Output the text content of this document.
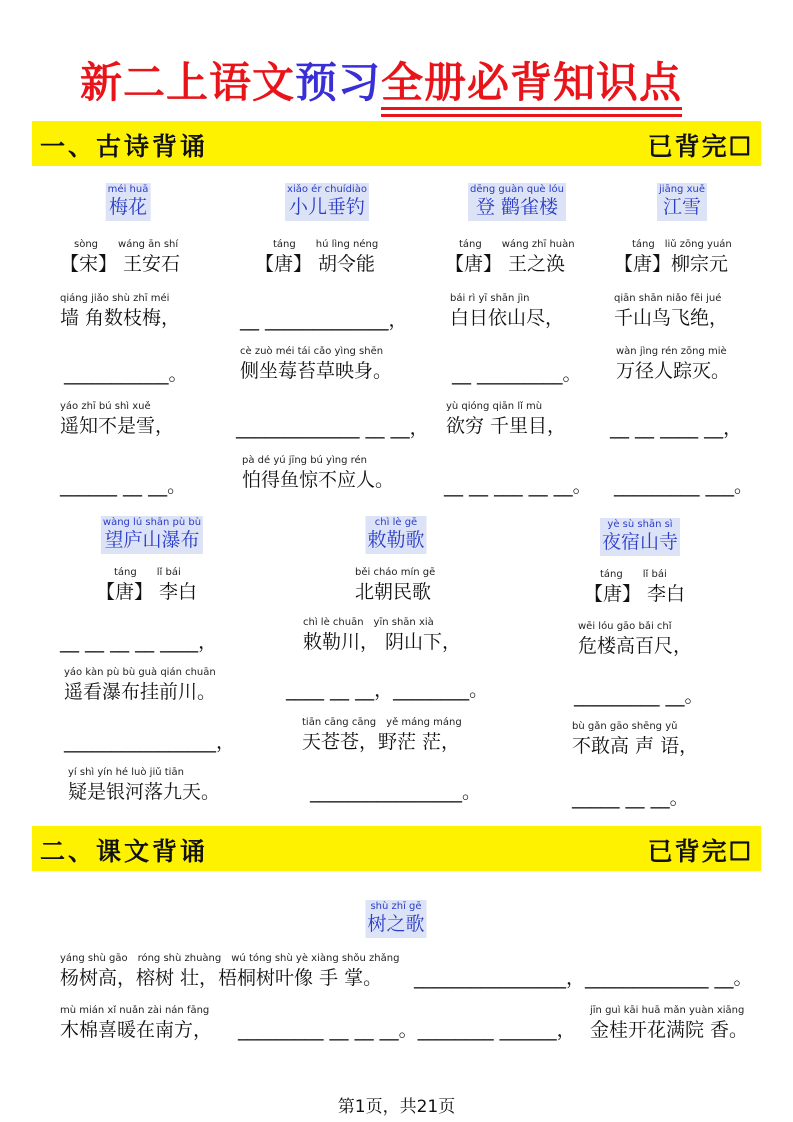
新二上语文预习全册必背知识点
一、古诗背诵	已背完☐
méi huā
梅花
sòng　　wáng ān shí
【宋】 王安石
qiáng jiǎo shù zhī méi
墙 角数枝梅，
___________。
yáo zhī bú shì xuě
遥知不是雪，
______ __ __。
xiǎo ér chuídiào
小儿垂钓
táng　　hú lìng néng
【唐】 胡令能
__ _____________，
cè zuò méi tái cǎo yìng shēn
侧坐莓苔草映身。
_____________ __ __，
pà dé yú jīng bú yìng rén
怕得鱼惊不应人。
dēng guàn què lóu
登 鹳雀楼
táng　　wáng zhī huàn
【唐】 王之涣
bái rì yī shān jìn
白日依山尽，
__ _________。
yù qióng qiān lǐ mù
欲穷 千里目，
__ __ ___ __ __。
jiāng xuě
江雪
táng　liǔ zōng yuán
【唐】柳宗元
qiān shān niǎo fēi jué
千山鸟飞绝，
wàn jìng rén zōng miè
万径人踪灭。
__ __ ____ __，
_________ ___。
wàng lú shān pù bù
望庐山瀑布
táng　　lǐ bái
【唐】 李白
__ __ __ __ ____，
yáo kàn pù bù guà qián chuān
遥看瀑布挂前川。
________________，
yí shì yín hé luò jiǔ tiān
疑是银河落九天。
chì lè gē
敕勒歌
běi cháo mín gē
北朝民歌
chì lè chuān　yīn shān xià
敕勒川， 阴山下，
____ __ __，________。
tiān cāng cāng　yě máng máng
天苍苍，野茫 茫，
________________。
yè sù shān sì
夜宿山寺
táng　　lǐ bái
【唐】 李白
wēi lóu gāo bǎi chǐ
危楼高百尺，
_________ __。
bù gǎn gāo shēng yǔ
不敢高 声 语，
_____ __ __。
二、课文背诵	已背完☐
shù zhī gē
树之歌
yáng shù gāo　róng shù zhuàng　wú tóng shù yè xiàng shǒu zhǎng
杨树高，榕树 壮，梧桐树叶像 手 掌。	________________，_____________ __。
mù mián xǐ nuǎn zài nán fāng
木棉喜暖在南方， _________ __ __ __。________ ______，
jīn guì kāi huā mǎn yuàn xiāng
金桂开花满院 香。
第1页，共21页
